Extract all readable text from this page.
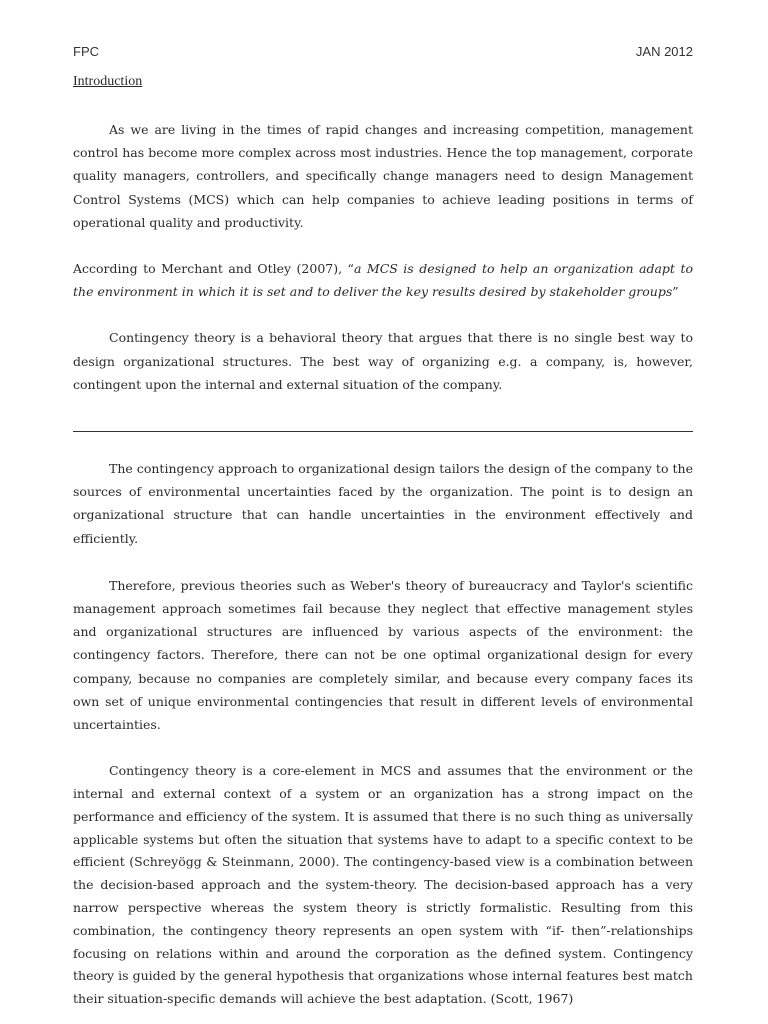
FPC	JAN 2012
Introduction

As we are living in the times of rapid changes and increasing competition, management control has become more complex across most industries. Hence the top management, corporate quality managers, controllers, and specifically change managers need to design Management Control Systems (MCS) which can help companies to achieve leading positions in terms of operational quality and productivity.

According to Merchant and Otley (2007), “a MCS is designed to help an organization adapt to the environment in which it is set and to deliver the key results desired by stakeholder groups”

Contingency theory is a behavioral theory that argues that there is no single best way to design organizational structures. The best way of organizing e.g. a company, is, however, contingent upon the internal and external situation of the company.

The contingency approach to organizational design tailors the design of the company to the sources of environmental uncertainties faced by the organization. The point is to design an organizational structure that can handle uncertainties in the environment effectively and efficiently.

Therefore, previous theories such as Weber's theory of bureaucracy and Taylor's scientific management approach sometimes fail because they neglect that effective management styles and organizational structures are influenced by various aspects of the environment: the contingency factors. Therefore, there can not be one optimal organizational design for every company, because no companies are completely similar, and because every company faces its own set of unique environmental contingencies that result in different levels of environmental uncertainties.

Contingency theory is a core-element in MCS and assumes that the environment or the internal and external context of a system or an organization has a strong impact on the performance and efficiency of the system. It is assumed that there is no such thing as universally applicable systems but often the situation that systems have to adapt to a specific context to be efficient (Schreyögg & Steinmann, 2000). The contingency-based view is a combination between the decision-based approach and the system-theory. The decision-based approach has a very narrow perspective whereas the system theory is strictly formalistic. Resulting from this combination, the contingency theory represents an open system with “if- then”-relationships focusing on relations within and around the corporation as the defined system. Contingency theory is guided by the general hypothesis that organizations whose internal features best match their situation-specific demands will achieve the best adaptation. (Scott, 1967)
